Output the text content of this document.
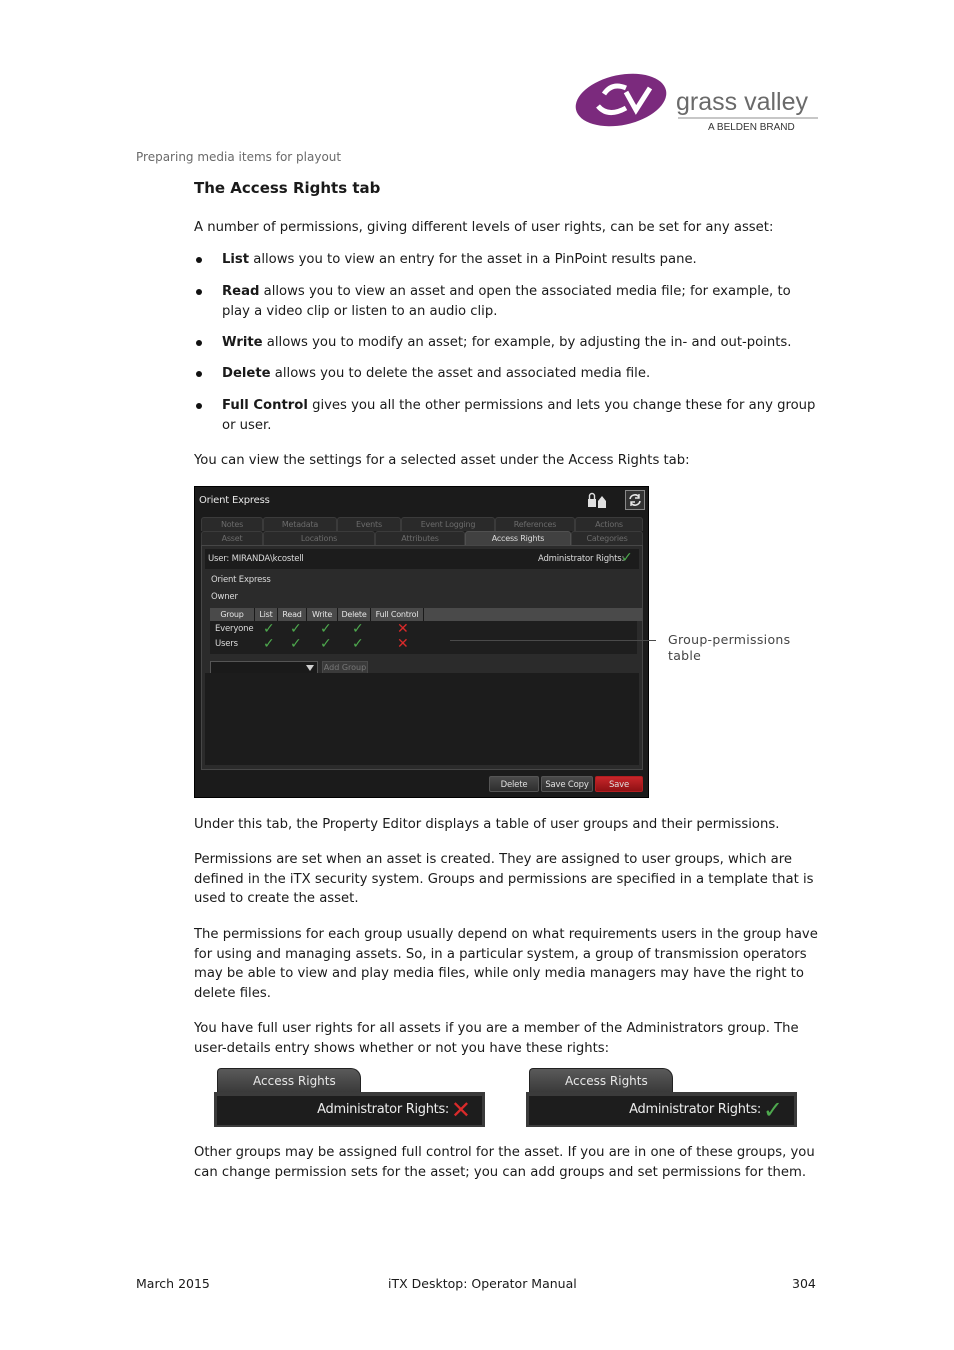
grass valley
A BELDEN BRAND
Preparing media items for playout
The Access Rights tab
A number of permissions, giving different levels of user rights, can be set for any asset:
List allows you to view an entry for the asset in a PinPoint results pane.
Read allows you to view an asset and open the associated media file; for example, to play a video clip or listen to an audio clip.
Write allows you to modify an asset; for example, by adjusting the in- and out-points.
Delete allows you to delete the asset and associated media file.
Full Control gives you all the other permissions and lets you change these for any group or user.
You can view the settings for a selected asset under the Access Rights tab:
Orient Express
Notes	Metadata	Events	Event Logging	References	Actions
Asset	Locations	Attributes	Access Rights	Categories
User: MIRANDA\kcostell	Administrator Rights:
✓
Orient Express
Owner
Group	List	Read	Write	Delete	Full Control
Everyone ✓ ✓ ✓ ✓ ✕
Users ✓ ✓ ✓ ✓ ✕
Add Group
Delete	Save Copy	Save
Group-permissions
table
Under this tab, the Property Editor displays a table of user groups and their permissions.
Permissions are set when an asset is created. They are assigned to user groups, which are defined in the iTX security system. Groups and permissions are specified in a template that is used to create the asset.
The permissions for each group usually depend on what requirements users in the group have for using and managing assets. So, in a particular system, a group of transmission operators may be able to view and play media files, while only media managers may have the right to delete files.
You have full user rights for all assets if you are a member of the Administrators group. The user-details entry shows whether or not you have these rights:
Access Rights
Administrator Rights: ✕
Access Rights
Administrator Rights: ✓
Other groups may be assigned full control for the asset. If you are in one of these groups, you can change permission sets for the asset; you can add groups and set permissions for them.
March 2015	iTX Desktop: Operator Manual	304
